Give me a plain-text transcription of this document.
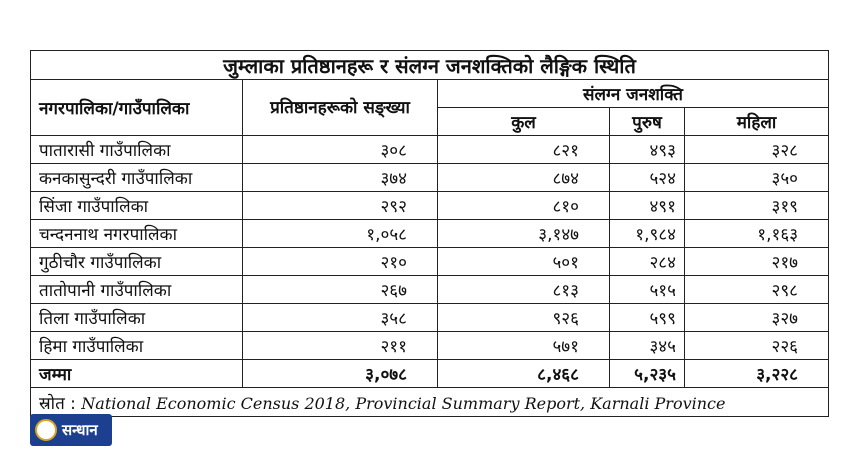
जुम्लाका प्रतिष्ठानहरू र संलग्न जनशक्तिको लैङ्गिक स्थिति				
नगरपालिका/गाउँपालिका	प्रतिष्ठानहरूको सङ्ख्या	संलग्न जनशक्ति		
		कुल	पुरुष	महिला
पातारासी गाउँपालिका	३०८	८२१	४९३	३२८
कनकासुन्दरी गाउँपालिका	३७४	८७४	५२४	३५०
सिंजा गाउँपालिका	२९२	८१०	४९१	३१९
चन्दननाथ नगरपालिका	१,०५८	३,१४७	१,९८४	१,१६३
गुठीचौर गाउँपालिका	२१०	५०१	२८४	२१७
तातोपानी गाउँपालिका	२६७	८१३	५१५	२९८
तिला गाउँपालिका	३५८	९२६	५९९	३२७
हिमा गाउँपालिका	२११	५७१	३४५	२२६
जम्मा	३,०७८	८,४६८	५,२३५	३,२२८
स्रोत : National Economic Census 2018, Provincial Summary Report, Karnali Province				
सन्धान
